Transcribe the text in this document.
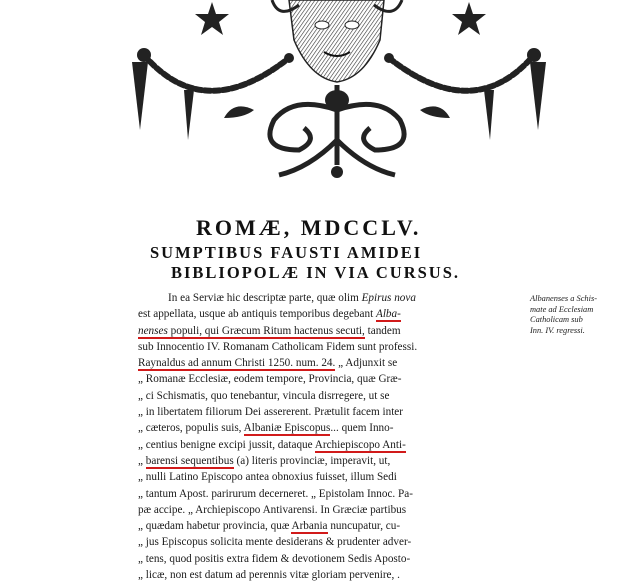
ROMÆ, MDCCLV.
SUMPTIBUS FAUSTI AMIDEI
BIBLIOPOLÆ IN VIA CURSUS.
In ea Serviæ hic descriptæ parte, quæ olim Epirus nova
est appellata, usque ab antiquis temporibus degebant Alba-
nenses populi, qui Græcum Ritum hactenus secuti, tandem
sub Innocentio IV. Romanam Catholicam Fidem sunt professi.
Raynaldus ad annum Christi 1250. num. 24. „ Adjunxit se
„ Romanæ Ecclesiæ, eodem tempore, Provincia, quæ Græ-
„ ci Schismatis, quo tenebantur, vincula disrregere, ut se
„ in libertatem filiorum Dei assererent. Prætulit facem inter
„ cæteros, populis suis, Albaniæ Episcopus... quem Inno-
„ centius benigne excipi jussit, dataque Archiepiscopo Anti-
„ barensi sequentibus (a) literis provinciæ, imperavit, ut,
„ nulli Latino Episcopo antea obnoxius fuisset, illum Sedi
„ tantum Apost. parirurum decerneret. „ Epistolam Innoc. Pa-
pæ accipe. „ Archiepiscopo Antivarensi. In Græciæ partibus
„ quædam habetur provincia, quæ Arbania nuncupatur, cu-
„ jus Episcopus solicita mente desiderans & prudenter adver-
„ tens, quod positis extra fidem & devotionem Sedis Aposto-
„ licæ, non est datum ad perennis vitæ gloriam pervenire, .
Albanenses a Schis-
mate ad Ecclesiam
Catholicam sub
Inn. IV. regressi.
